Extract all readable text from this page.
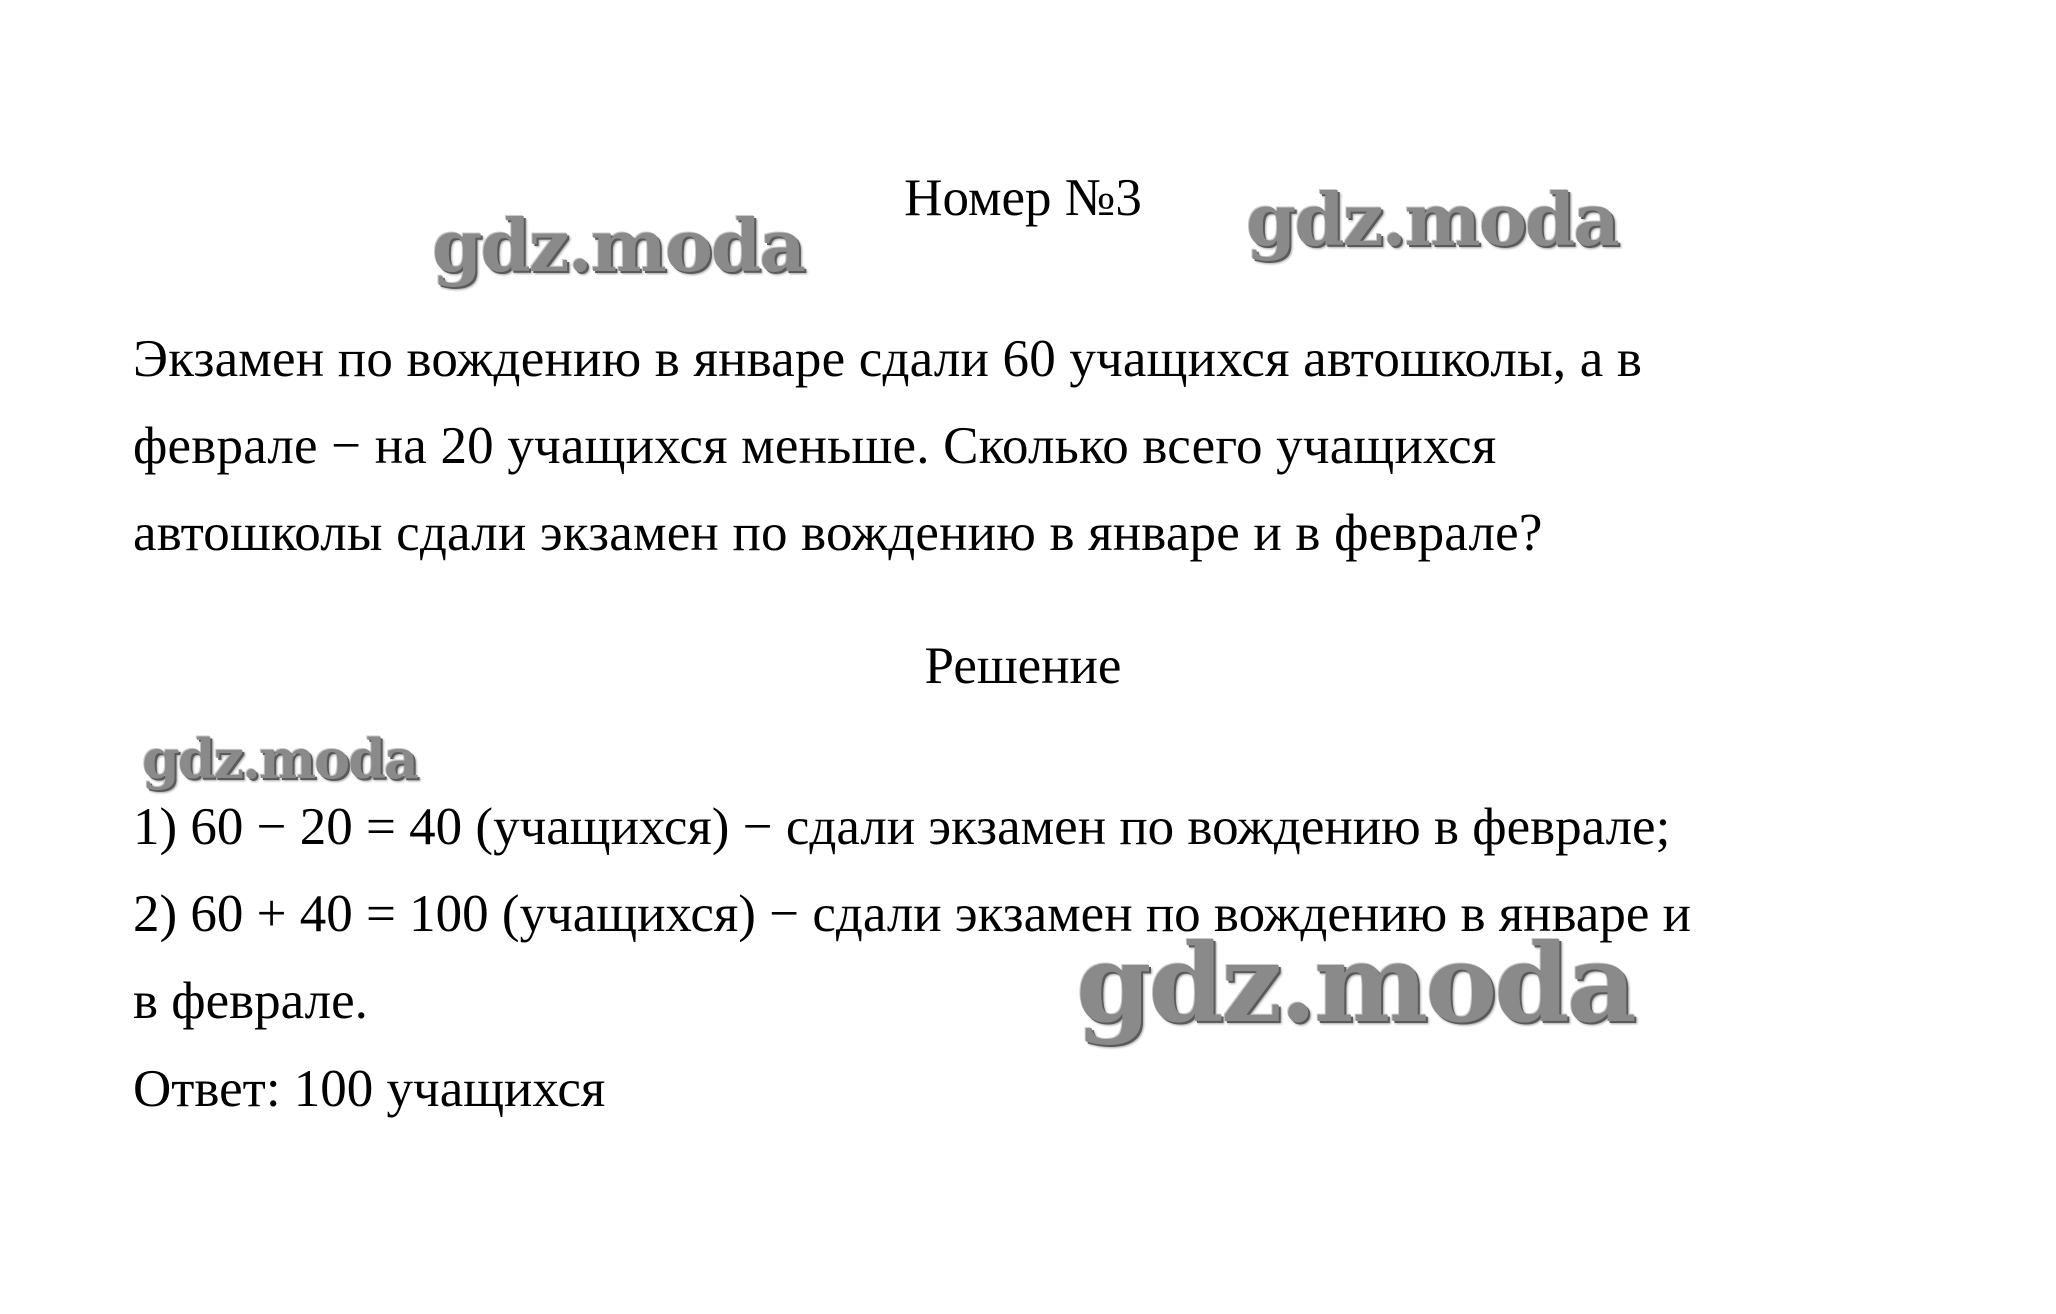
Номер №3
gdz.moda	gdz.moda

Экзамен по вождению в январе сдали 60 учащихся автошколы, а в

феврале − на 20 учащихся меньше. Сколько всего учащихся

автошколы сдали экзамен по вождению в январе и в феврале?

Решение
gdz.moda

1) 60 − 20 = 40 (учащихся) − сдали экзамен по вождению в феврале;

2) 60 + 40 = 100 (учащихся) − сдали экзамен по вождению в январе и

в феврале.

Ответ: 100 учащихся
gdz.moda
